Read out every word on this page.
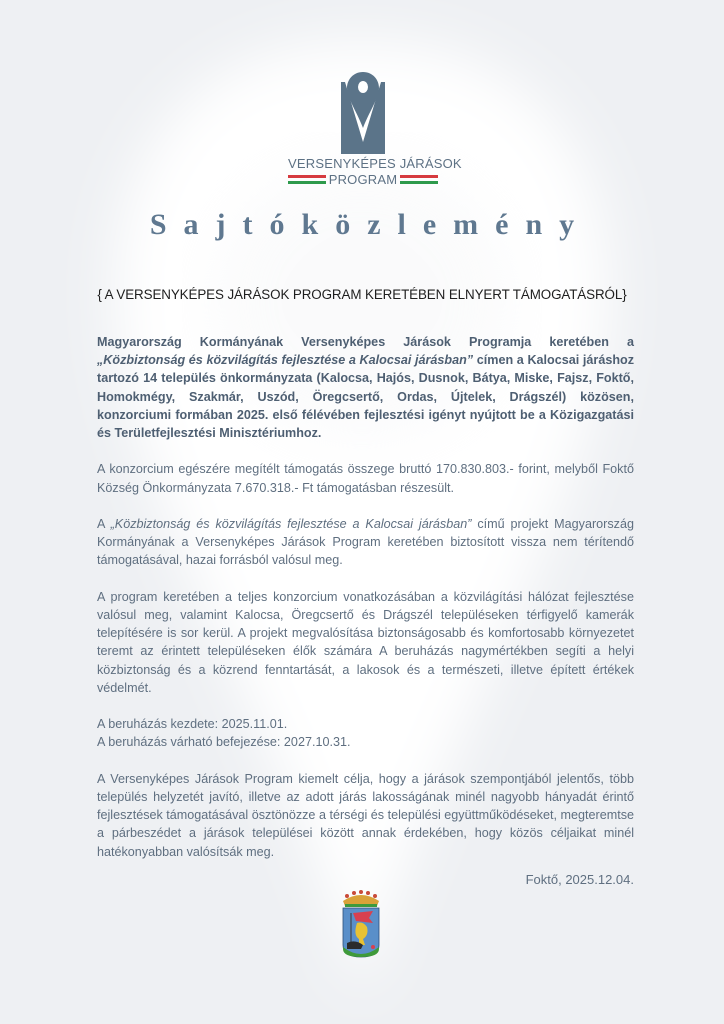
VERSENYKÉPES JÁRÁSOK
PROGRAM
Sajtóközlemény
{ A VERSENYKÉPES JÁRÁSOK PROGRAM KERETÉBEN ELNYERT TÁMOGATÁSRÓL}

Magyarország Kormányának Versenyképes Járások Programja keretében a „Közbiztonság és közvilágítás fejlesztése a Kalocsai járásban” címen a Kalocsai járáshoz tartozó 14 település önkormányzata (Kalocsa, Hajós, Dusnok, Bátya, Miske, Fajsz, Foktő, Homokmégy, Szakmár, Uszód, Öregcsertő, Ordas, Újtelek, Drágszél) közösen, konzorciumi formában 2025. első félévében fejlesztési igényt nyújtott be a Közigazgatási és Területfejlesztési Minisztériumhoz.

A konzorcium egészére megítélt támogatás összege bruttó 170.830.803.- forint, melyből Foktő Község Önkormányzata 7.670.318.- Ft támogatásban részesült.

A „Közbiztonság és közvilágítás fejlesztése a Kalocsai járásban” című projekt Magyarország Kormányának a Versenyképes Járások Program keretében biztosított vissza nem térítendő támogatásával, hazai forrásból valósul meg.

A program keretében a teljes konzorcium vonatkozásában a közvilágítási hálózat fejlesztése valósul meg, valamint Kalocsa, Öregcsertő és Drágszél településeken térfigyelő kamerák telepítésére is sor kerül. A projekt megvalósítása biztonságosabb és komfortosabb környezetet teremt az érintett településeken élők számára A beruházás nagymértékben segíti a helyi közbiztonság és a közrend fenntartását, a lakosok és a természeti, illetve épített értékek védelmét.

A beruházás kezdete: 2025.11.01.

A beruházás várható befejezése: 2027.10.31.

A Versenyképes Járások Program kiemelt célja, hogy a járások szempontjából jelentős, több település helyzetét javító, illetve az adott járás lakosságának minél nagyobb hányadát érintő fejlesztések támogatásával ösztönözze a térségi és települési együttműködéseket, megteremtse a párbeszédet a járások települései között annak érdekében, hogy közös céljaikat minél hatékonyabban valósítsák meg.

Foktő, 2025.12.04.
